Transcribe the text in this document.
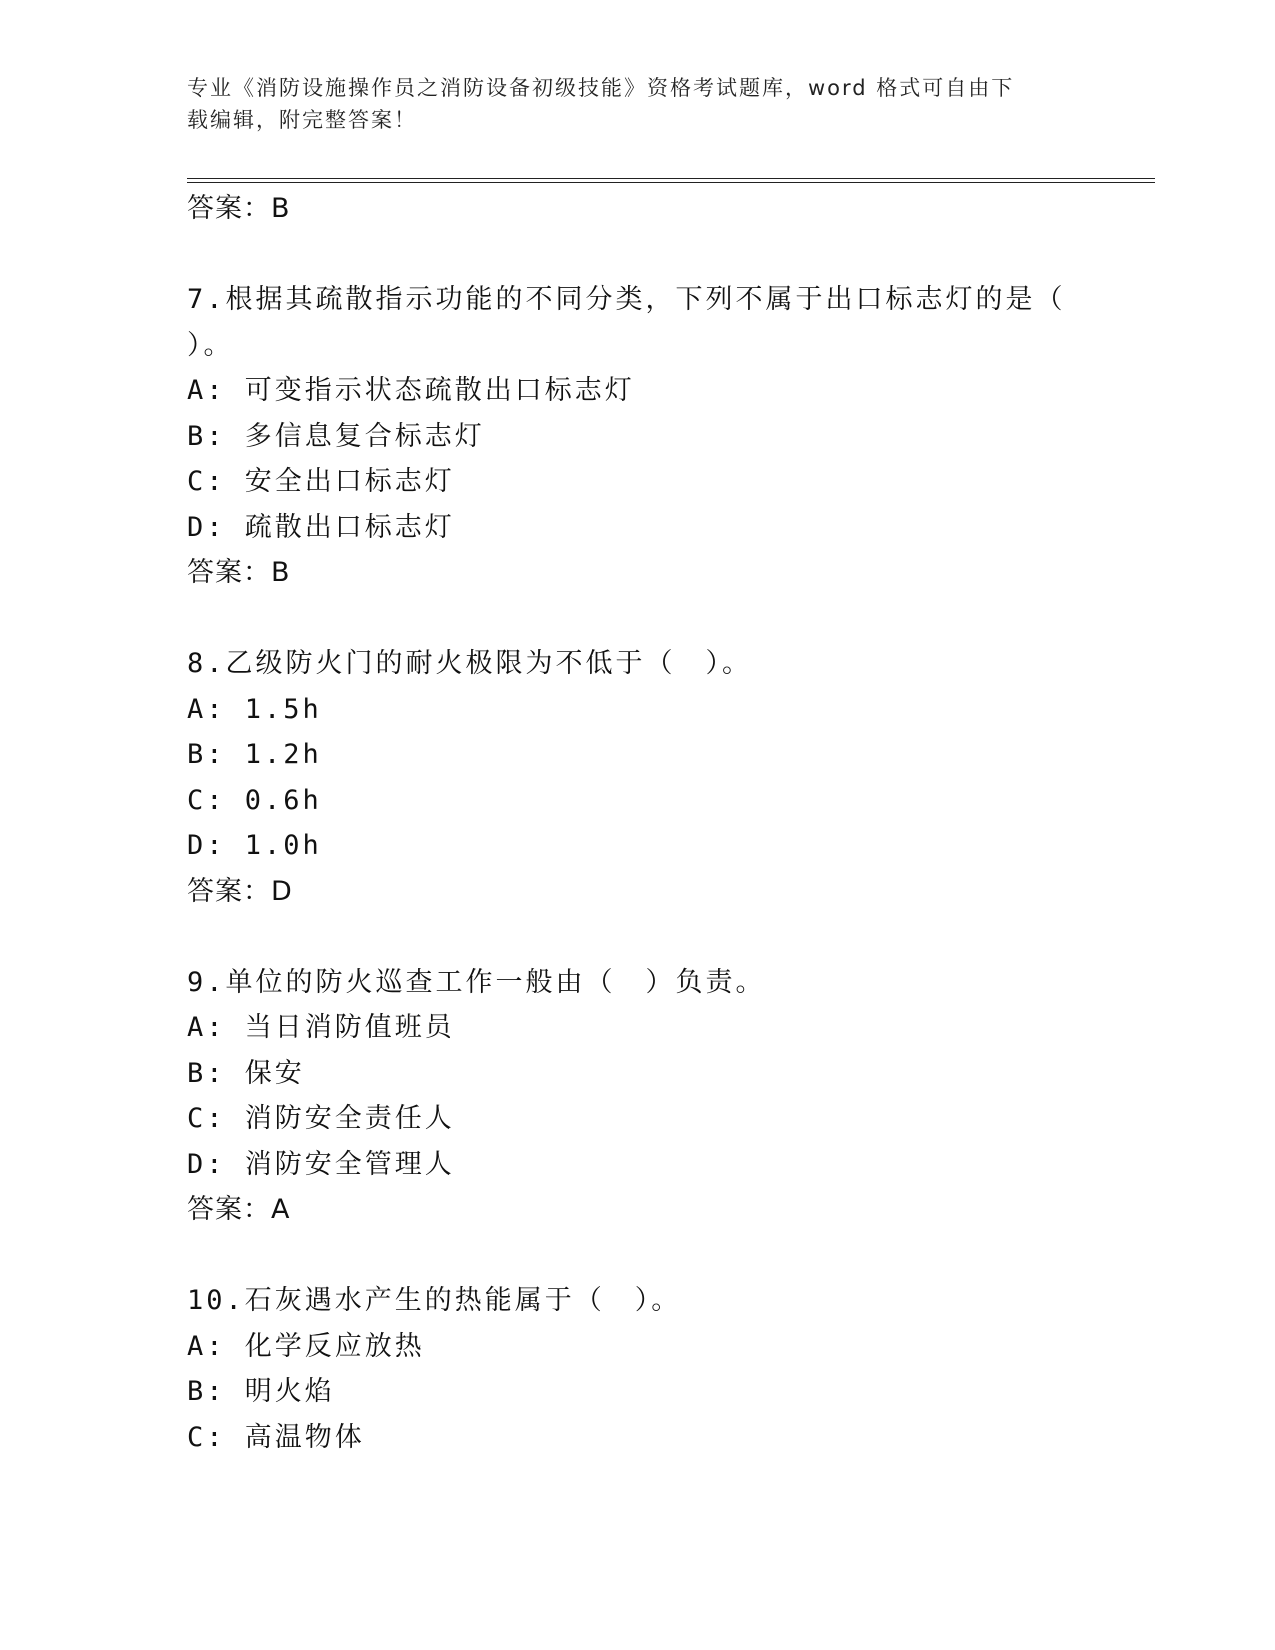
专业《消防设施操作员之消防设备初级技能》资格考试题库，word 格式可自由下
载编辑，附完整答案！
答案：B
7.根据其疏散指示功能的不同分类，下列不属于出口标志灯的是（
）。
A: 可变指示状态疏散出口标志灯
B: 多信息复合标志灯
C: 安全出口标志灯
D: 疏散出口标志灯
答案：B
8.乙级防火门的耐火极限为不低于（　）。
A: 1.5h
B: 1.2h
C: 0.6h
D: 1.0h
答案：D
9.单位的防火巡查工作一般由（　）负责。
A: 当日消防值班员
B: 保安
C: 消防安全责任人
D: 消防安全管理人
答案：A
10.石灰遇水产生的热能属于（　）。
A: 化学反应放热
B: 明火焰
C: 高温物体
